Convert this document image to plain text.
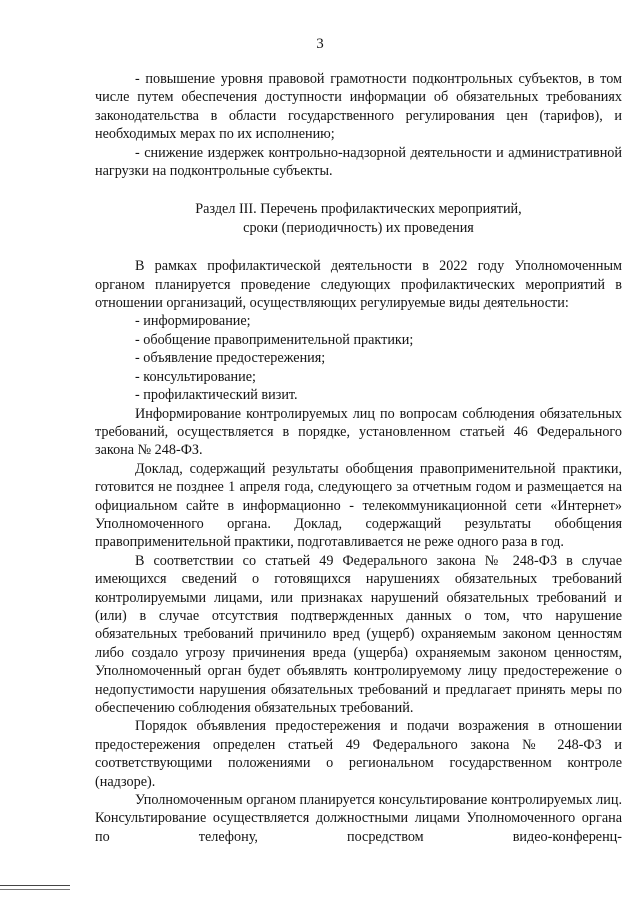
3

- повышение уровня правовой грамотности подконтрольных субъектов, в том числе путем обеспечения доступности информации об обязательных требованиях законодательства в области государственного регулирования цен (тарифов), и необходимых мерах по их исполнению;

- снижение издержек контрольно-надзорной деятельности и административной нагрузки на подконтрольные субъекты.

Раздел III. Перечень профилактических мероприятий,
сроки (периодичность) их проведения

В рамках профилактической деятельности в 2022 году Уполномоченным органом планируется проведение следующих профилактических мероприятий в отношении организаций, осуществляющих регулируемые виды деятельности:

- информирование;

- обобщение правоприменительной практики;

- объявление предостережения;

- консультирование;

- профилактический визит.

Информирование контролируемых лиц по вопросам соблюдения обязательных требований, осуществляется в порядке, установленном статьей 46 Федерального закона № 248-ФЗ.

Доклад, содержащий результаты обобщения правоприменительной практики, готовится не позднее 1 апреля года, следующего за отчетным годом и размещается на официальном сайте в информационно - телекоммуникационной сети «Интернет» Уполномоченного органа. Доклад, содержащий результаты обобщения правоприменительной практики, подготавливается не реже одного раза в год.

В соответствии со статьей 49 Федерального закона № 248-ФЗ в случае имеющихся сведений о готовящихся нарушениях обязательных требований контролируемыми лицами, или признаках нарушений обязательных требований и (или) в случае отсутствия подтвержденных данных о том, что нарушение обязательных требований причинило вред (ущерб) охраняемым законом ценностям либо создало угрозу причинения вреда (ущерба) охраняемым законом ценностям, Уполномоченный орган будет объявлять контролируемому лицу предостережение о недопустимости нарушения обязательных требований и предлагает принять меры по обеспечению соблюдения обязательных требований.

Порядок объявления предостережения и подачи возражения в отношении предостережения определен статьей 49 Федерального закона № 248-ФЗ и соответствующими положениями о региональном государственном контроле (надзоре).

Уполномоченным органом планируется консультирование контролируемых лиц. Консультирование осуществляется должностными лицами Уполномоченного органа по телефону, посредством видео-конференц-
